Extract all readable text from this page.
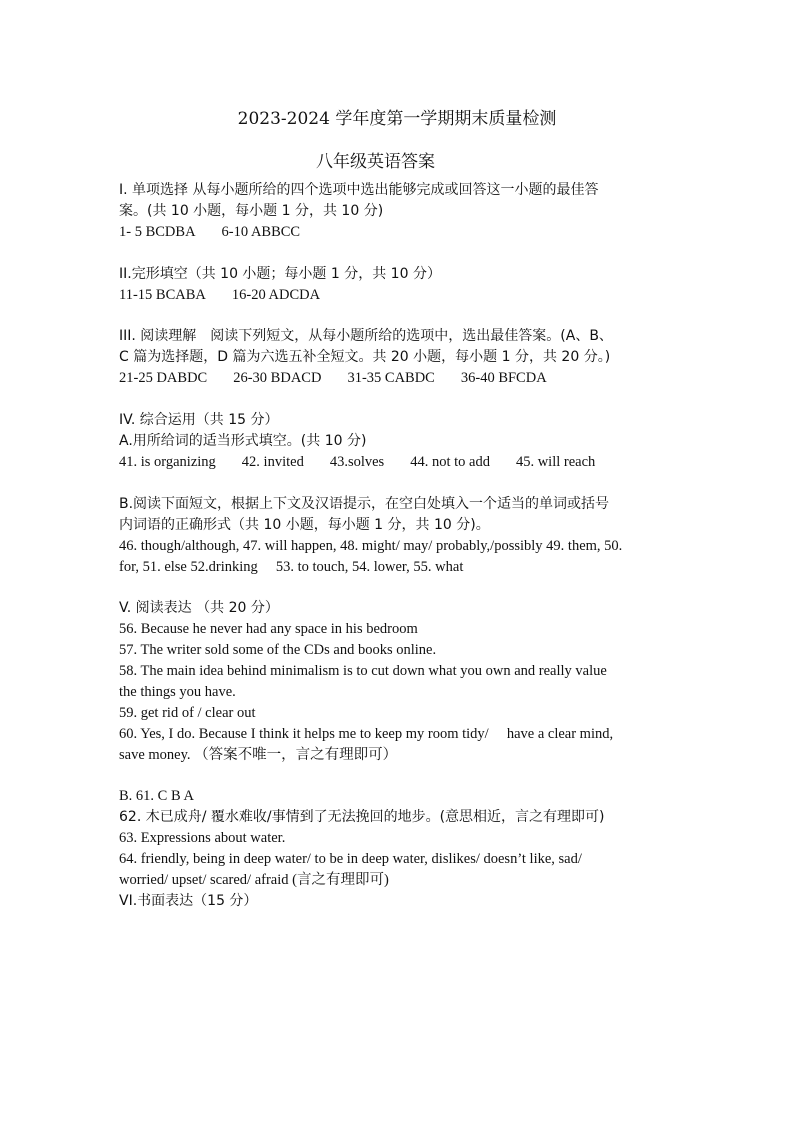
2023-2024 学年度第一学期期末质量检测
八年级英语答案

I. 单项选择 从每小题所给的四个选项中选出能够完成或回答这一小题的最佳答

案。(共 10 小题，每小题 1 分，共 10 分)

1- 5 BCDBA 6-10 ABBCC

II.完形填空（共 10 小题；每小题 1 分，共 10 分）

11-15 BCABA 16-20 ADCDA

III. 阅读理解　阅读下列短文，从每小题所给的选项中，选出最佳答案。(A、B、

C 篇为选择题，D 篇为六选五补全短文。共 20 小题，每小题 1 分，共 20 分。)

21-25 DABDC 26-30 BDACD 31-35 CABDC 36-40 BFCDA

IV. 综合运用（共 15 分）

A.用所给词的适当形式填空。(共 10 分)

41. is organizing 42. invited 43.solves 44. not to add 45. will reach

B.阅读下面短文，根据上下文及汉语提示，在空白处填入一个适当的单词或括号

内词语的正确形式（共 10 小题，每小题 1 分，共 10 分)。

46. though/although, 47. will happen, 48. might/ may/ probably,/possibly 49. them, 50.

for, 51. else 52.drinking　 53. to touch, 54. lower, 55. what

V. 阅读表达 （共 20 分）

56. Because he never had any space in his bedroom

57. The writer sold some of the CDs and books online.

58. The main idea behind minimalism is to cut down what you own and really value

the things you have.

59. get rid of / clear out

60. Yes, I do. Because I think it helps me to keep my room tidy/　 have a clear mind,

save money. （答案不唯一，言之有理即可）

B. 61. C B A

62. 木已成舟/ 覆水难收/事情到了无法挽回的地步。(意思相近，言之有理即可)

63. Expressions about water.

64. friendly, being in deep water/ to be in deep water, dislikes/ doesn’t like, sad/

worried/ upset/ scared/ afraid (言之有理即可)

VI.书面表达（15 分）
